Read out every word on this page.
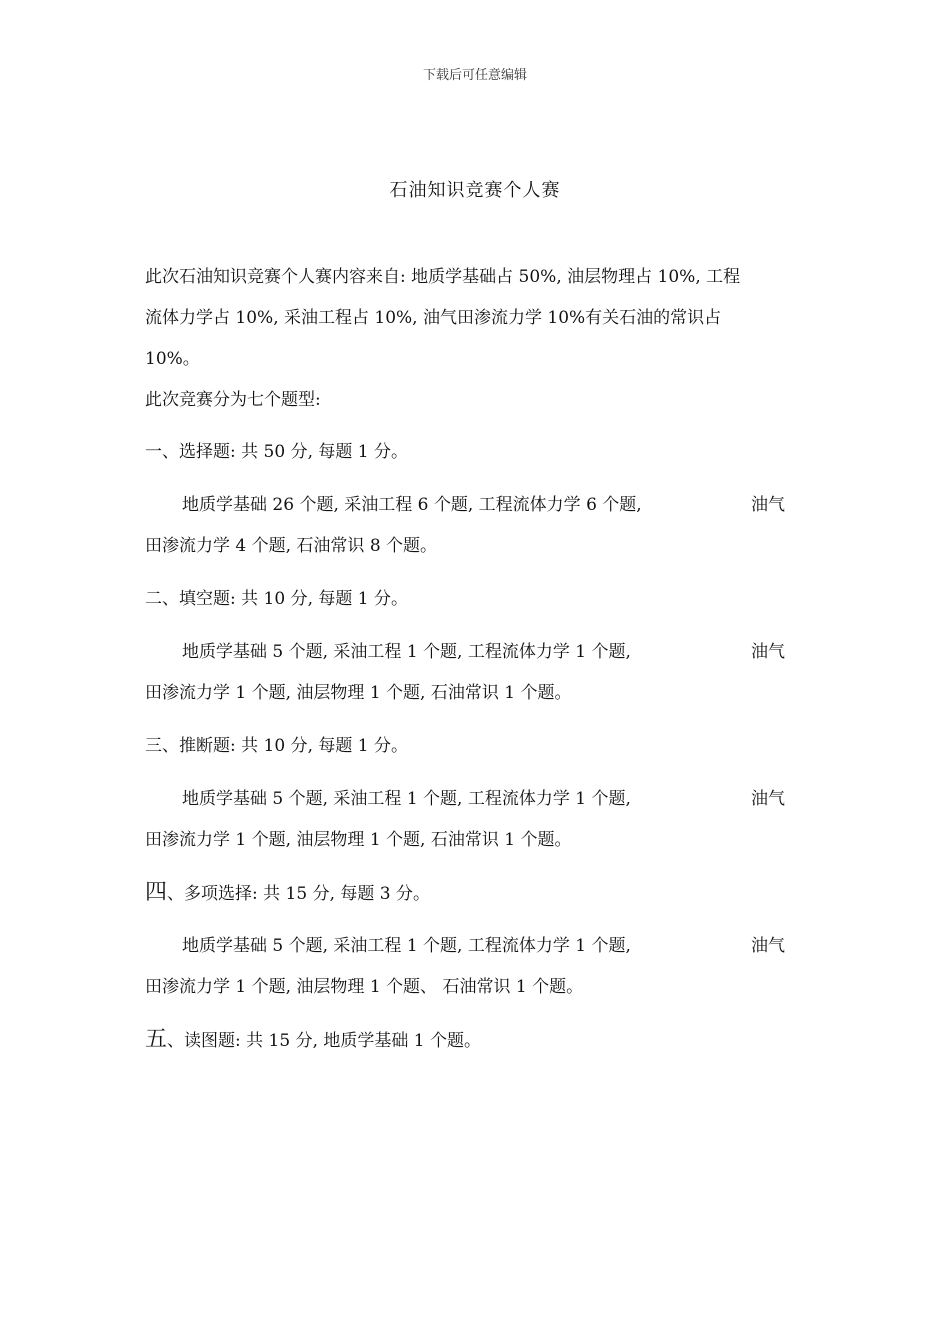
下载后可任意编辑
石油知识竞赛个人赛
此次石油知识竞赛个人赛内容来自: 地质学基础占 50%, 油层物理占 10%, 工程
流体力学占 10%, 采油工程占 10%, 油气田渗流力学 10%有关石油的常识占
10%。
此次竞赛分为七个题型:
一、选择题: 共 50 分, 每题 1 分。
地质学基础 26 个题, 采油工程 6 个题, 工程流体力学 6 个题,	油气
田渗流力学 4 个题, 石油常识 8 个题。
二、填空题: 共 10 分, 每题 1 分。
地质学基础 5 个题, 采油工程 1 个题, 工程流体力学 1 个题,	油气
田渗流力学 1 个题, 油层物理 1 个题, 石油常识 1 个题。
三、推断题: 共 10 分, 每题 1 分。
地质学基础 5 个题, 采油工程 1 个题, 工程流体力学 1 个题,	油气
田渗流力学 1 个题, 油层物理 1 个题, 石油常识 1 个题。
四、多项选择: 共 15 分, 每题 3 分。
地质学基础 5 个题, 采油工程 1 个题, 工程流体力学 1 个题,	油气
田渗流力学 1 个题, 油层物理 1 个题、 石油常识 1 个题。
五、读图题: 共 15 分, 地质学基础 1 个题。
